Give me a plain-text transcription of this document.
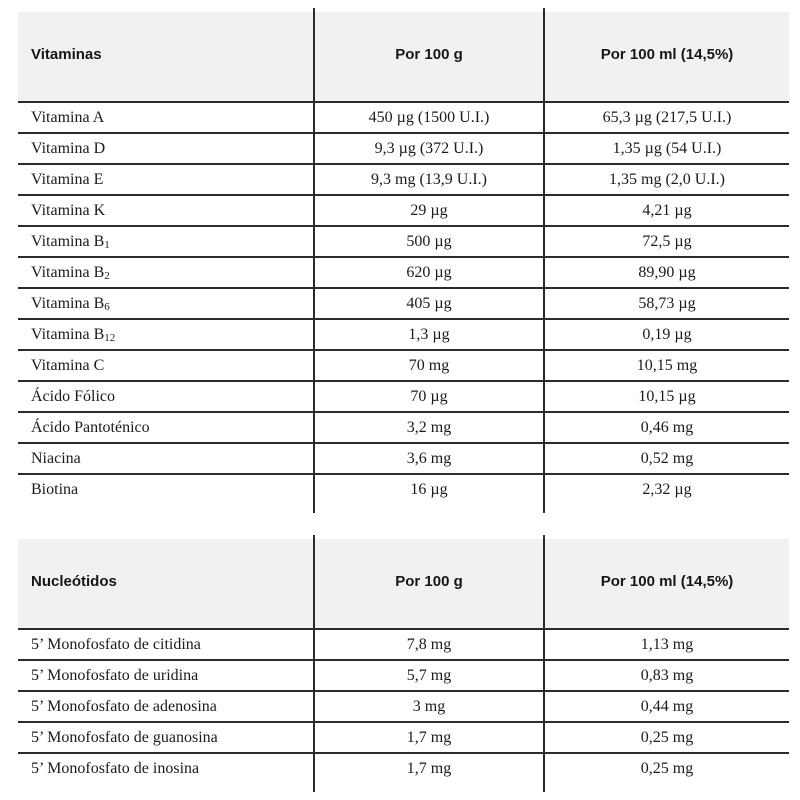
Vitaminas	Por 100 g	Por 100 ml (14,5%)
Vitamina A	450 µg (1500 U.I.)	65,3 µg (217,5 U.I.)
Vitamina D	9,3 µg (372 U.I.)	1,35 µg (54 U.I.)
Vitamina E	9,3 mg (13,9 U.I.)	1,35 mg (2,0 U.I.)
Vitamina K	29 µg	4,21 µg
Vitamina B1	500 µg	72,5 µg
Vitamina B2	620 µg	89,90 µg
Vitamina B6	405 µg	58,73 µg
Vitamina B12	1,3 µg	0,19 µg
Vitamina C	70 mg	10,15 mg
Ácido Fólico	70 µg	10,15 µg
Ácido Pantoténico	3,2 mg	0,46 mg
Niacina	3,6 mg	0,52 mg
Biotina	16 µg	2,32 µg
Nucleótidos	Por 100 g	Por 100 ml (14,5%)
5’ Monofosfato de citidina	7,8 mg	1,13 mg
5’ Monofosfato de uridina	5,7 mg	0,83 mg
5’ Monofosfato de adenosina	3 mg	0,44 mg
5’ Monofosfato de guanosina	1,7 mg	0,25 mg
5’ Monofosfato de inosina	1,7 mg	0,25 mg
